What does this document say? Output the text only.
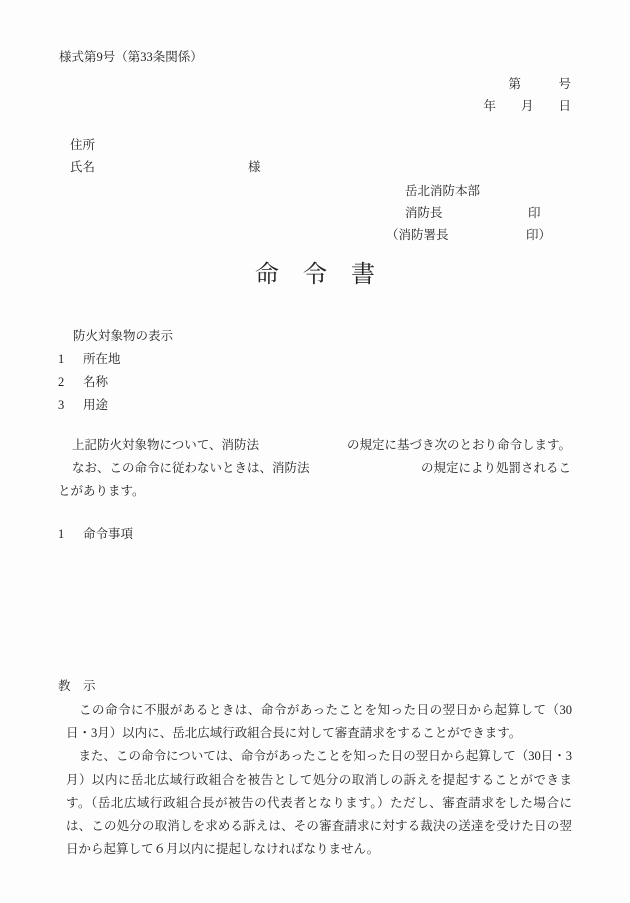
様式第9号（第33条関係）
第　　　号
年　　月　　日
住所
氏名	様
岳北消防本部
消防長	印
（消防署長	印）
命　令　書
防火対象物の表示
1	所在地
2	名称
3	用途
上記防火対象物について、消防法	の規定に基づき次のとおり命令します。
なお、この命令に従わないときは、消防法	の規定により処罰されるこ
とがあります。
1	命令事項
教　示

　この命令に不服があるときは、命令があったことを知った日の翌日から起算して（30日・3月）以内に、岳北広域行政組合長に対して審査請求をすることができます。

　また、この命令については、命令があったことを知った日の翌日から起算して（30日・3月）以内に岳北広域行政組合を被告として処分の取消しの訴えを提起することができます。（岳北広域行政組合長が被告の代表者となります。）ただし、審査請求をした場合には、この処分の取消しを求める訴えは、その審査請求に対する裁決の送達を受けた日の翌日から起算して６月以内に提起しなければなりません。
